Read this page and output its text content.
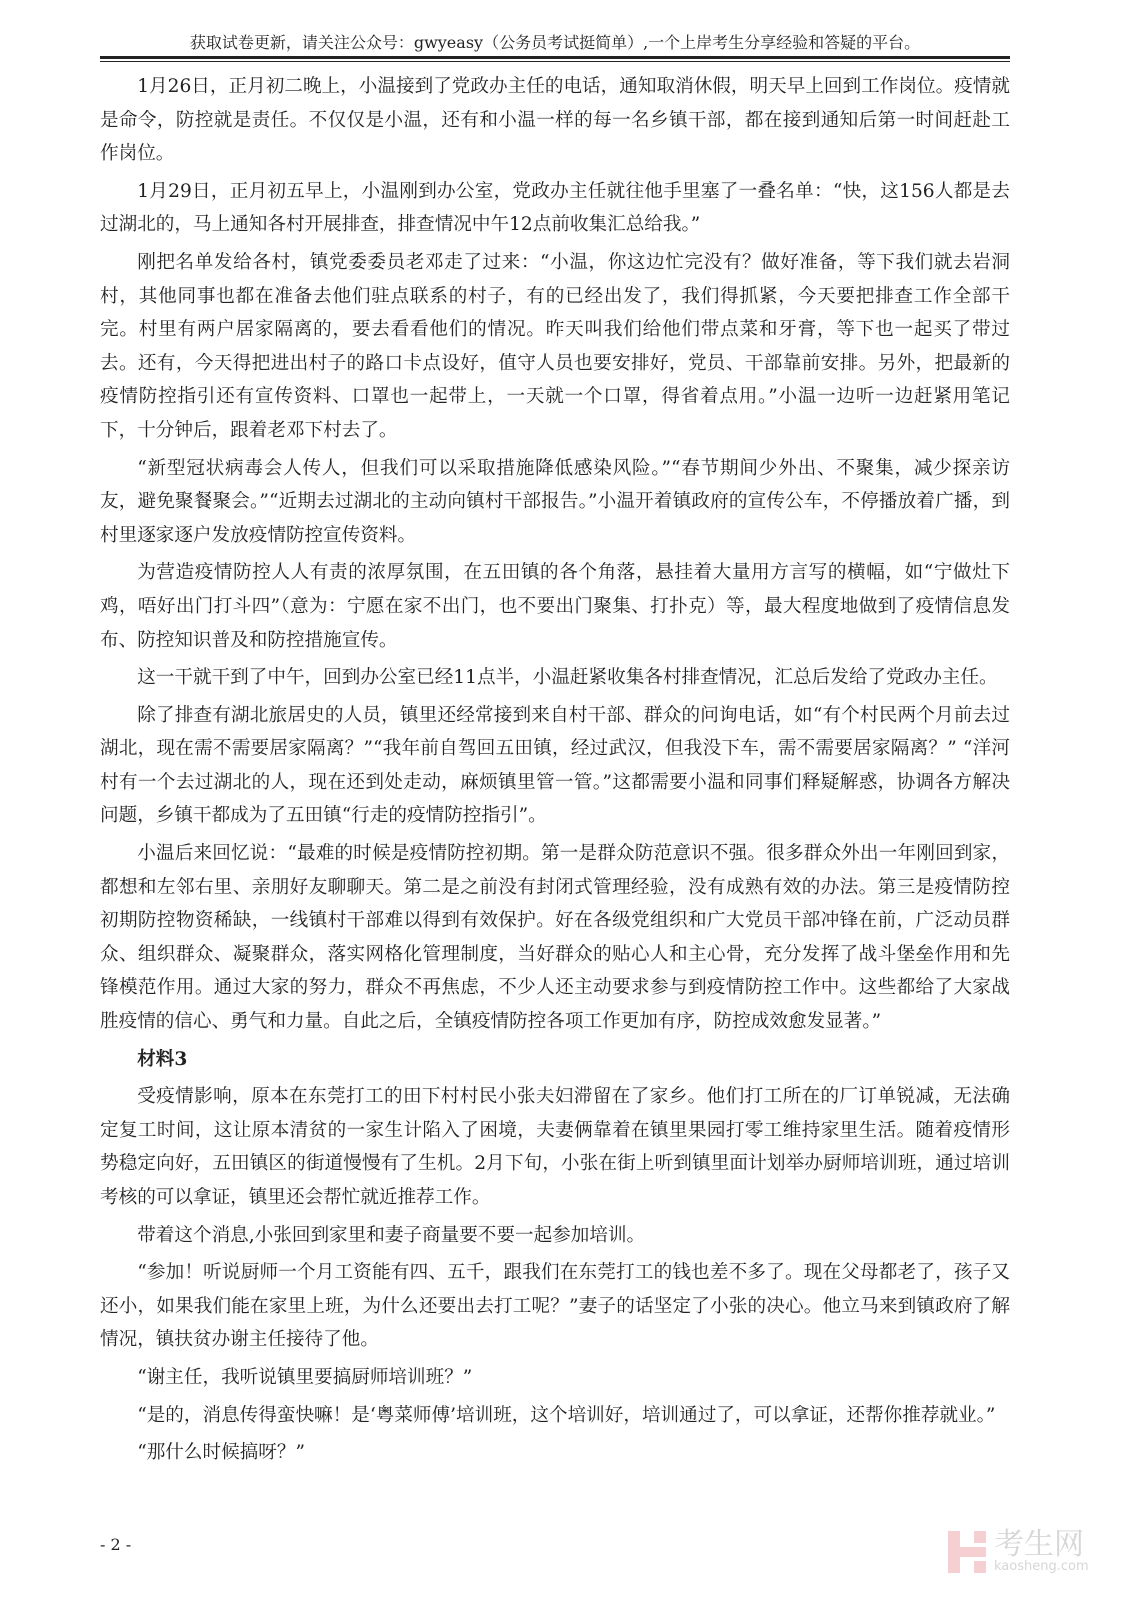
获取试卷更新，请关注公众号：gwyeasy（公务员考试挺简单）,一个上岸考生分享经验和答疑的平台。

1月26日，正月初二晚上，小温接到了党政办主任的电话，通知取消休假，明天早上回到工作岗位。疫情就是命令，防控就是责任。不仅仅是小温，还有和小温一样的每一名乡镇干部，都在接到通知后第一时间赶赴工作岗位。

1月29日，正月初五早上，小温刚到办公室，党政办主任就往他手里塞了一叠名单：“快，这156人都是去过湖北的，马上通知各村开展排查，排查情况中午12点前收集汇总给我。”

刚把名单发给各村，镇党委委员老邓走了过来：“小温，你这边忙完没有？做好准备，等下我们就去岩洞村，其他同事也都在准备去他们驻点联系的村子，有的已经出发了，我们得抓紧，今天要把排查工作全部干完。村里有两户居家隔离的，要去看看他们的情况。昨天叫我们给他们带点菜和牙膏，等下也一起买了带过去。还有，今天得把进出村子的路口卡点设好，值守人员也要安排好，党员、干部靠前安排。另外，把最新的疫情防控指引还有宣传资料、口罩也一起带上，一天就一个口罩，得省着点用。”小温一边听一边赶紧用笔记下，十分钟后，跟着老邓下村去了。

“新型冠状病毒会人传人，但我们可以采取措施降低感染风险。”“春节期间少外出、不聚集，减少探亲访友，避免聚餐聚会。”“近期去过湖北的主动向镇村干部报告。”小温开着镇政府的宣传公车，不停播放着广播，到村里逐家逐户发放疫情防控宣传资料。

为营造疫情防控人人有责的浓厚氛围，在五田镇的各个角落，悬挂着大量用方言写的横幅，如“宁做灶下鸡，唔好出门打斗四”（意为：宁愿在家不出门，也不要出门聚集、打扑克）等，最大程度地做到了疫情信息发布、防控知识普及和防控措施宣传。

这一干就干到了中午，回到办公室已经11点半，小温赶紧收集各村排查情况，汇总后发给了党政办主任。

除了排查有湖北旅居史的人员，镇里还经常接到来自村干部、群众的问询电话，如“有个村民两个月前去过湖北，现在需不需要居家隔离？”“我年前自驾回五田镇，经过武汉，但我没下车，需不需要居家隔离？” “洋河村有一个去过湖北的人，现在还到处走动，麻烦镇里管一管。”这都需要小温和同事们释疑解惑，协调各方解决问题，乡镇干都成为了五田镇“行走的疫情防控指引”。

小温后来回忆说：“最难的时候是疫情防控初期。第一是群众防范意识不强。很多群众外出一年刚回到家，都想和左邻右里、亲朋好友聊聊天。第二是之前没有封闭式管理经验，没有成熟有效的办法。第三是疫情防控初期防控物资稀缺，一线镇村干部难以得到有效保护。好在各级党组织和广大党员干部冲锋在前，广泛动员群众、组织群众、凝聚群众，落实网格化管理制度，当好群众的贴心人和主心骨，充分发挥了战斗堡垒作用和先锋模范作用。通过大家的努力，群众不再焦虑，不少人还主动要求参与到疫情防控工作中。这些都给了大家战胜疫情的信心、勇气和力量。自此之后，全镇疫情防控各项工作更加有序，防控成效愈发显著。”

材料3

受疫情影响，原本在东莞打工的田下村村民小张夫妇滞留在了家乡。他们打工所在的厂订单锐减，无法确定复工时间，这让原本清贫的一家生计陷入了困境，夫妻俩靠着在镇里果园打零工维持家里生活。随着疫情形势稳定向好，五田镇区的街道慢慢有了生机。2月下旬，小张在街上听到镇里面计划举办厨师培训班，通过培训考核的可以拿证，镇里还会帮忙就近推荐工作。

带着这个消息,小张回到家里和妻子商量要不要一起参加培训。

“参加！听说厨师一个月工资能有四、五千，跟我们在东莞打工的钱也差不多了。现在父母都老了，孩子又还小，如果我们能在家里上班，为什么还要出去打工呢？”妻子的话坚定了小张的决心。他立马来到镇政府了解情况，镇扶贫办谢主任接待了他。

“谢主任，我听说镇里要搞厨师培训班？”

“是的，消息传得蛮快嘛！是‘粤菜师傅’培训班，这个培训好，培训通过了，可以拿证，还帮你推荐就业。”

“那什么时候搞呀？”

- 2 -	考生网
kaosheng.com
